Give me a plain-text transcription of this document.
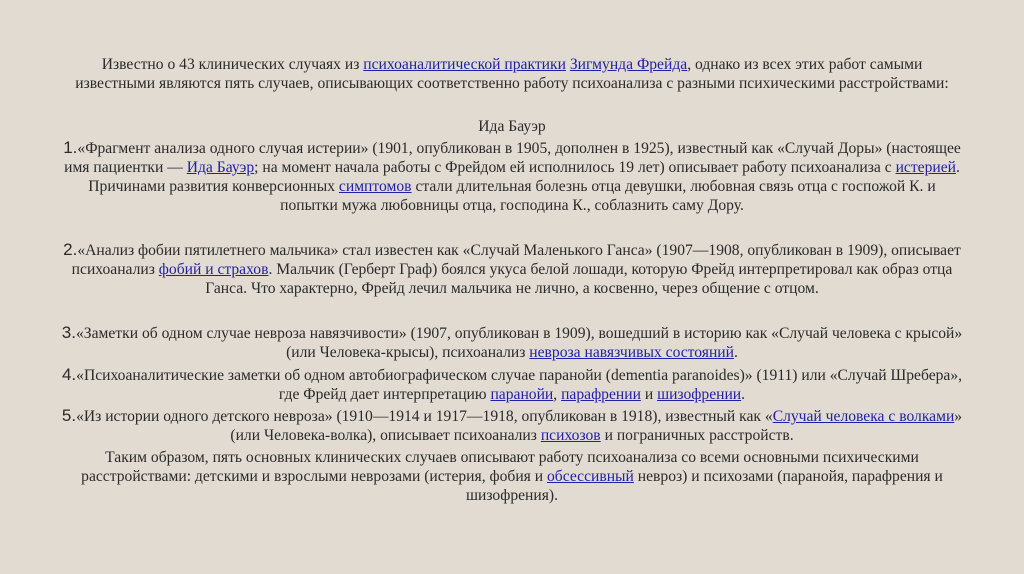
Известно о 43 клинических случаях из психоаналитической практики Зигмунда Фрейда, однако из всех этих работ самыми известными являются пять случаев, описывающих соответственно работу психоанализа с разными психическими расстройствами:
Ида Бауэр
1.«Фрагмент анализа одного случая истерии» (1901, опубликован в 1905, дополнен в 1925), известный как «Случай Доры» (настоящее имя пациентки — Ида Бауэр; на момент начала работы с Фрейдом ей исполнилось 19 лет) описывает работу психоанализа с истерией. Причинами развития конверсионных симптомов стали длительная болезнь отца девушки, любовная связь отца с госпожой К. и попытки мужа любовницы отца, господина К., соблазнить саму Дору.
2.«Анализ фобии пятилетнего мальчика» стал известен как «Случай Маленького Ганса» (1907—1908, опубликован в 1909), описывает психоанализ фобий и страхов. Мальчик (Герберт Граф) боялся укуса белой лошади, которую Фрейд интерпретировал как образ отца Ганса. Что характерно, Фрейд лечил мальчика не лично, а косвенно, через общение с отцом.
3.«Заметки об одном случае невроза навязчивости» (1907, опубликован в 1909), вошедший в историю как «Случай человека с крысой» (или Человека-крысы), психоанализ невроза навязчивых состояний.
4.«Психоаналитические заметки об одном автобиографическом случае паранойи (dementia paranoides)» (1911) или «Случай Шребера», где Фрейд дает интерпретацию паранойи, парафрении и шизофрении.
5.«Из истории одного детского невроза» (1910—1914 и 1917—1918, опубликован в 1918), известный как «Случай человека с волками» (или Человека-волка), описывает психоанализ психозов и пограничных расстройств.
Таким образом, пять основных клинических случаев описывают работу психоанализа со всеми основными психическими расстройствами: детскими и взрослыми неврозами (истерия, фобия и обсессивный невроз) и психозами (паранойя, парафрения и шизофрения).
